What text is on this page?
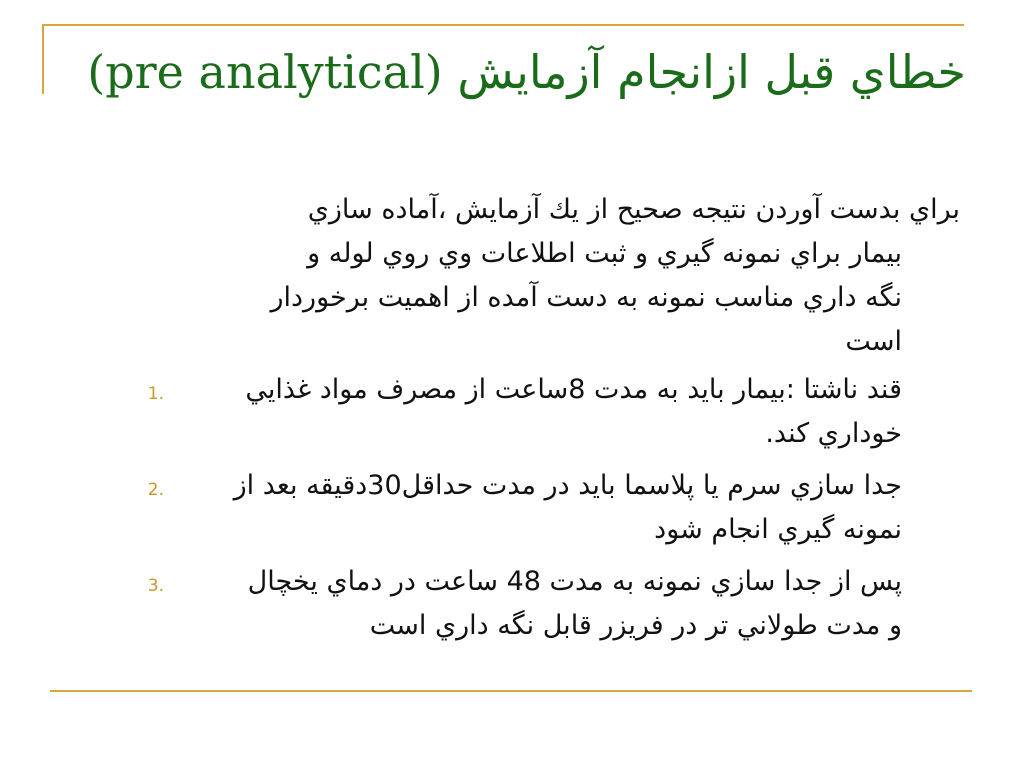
خطاي قبل ازانجام آزمايش (pre analytical)
براي بدست آوردن نتيجه صحيح از يك آزمايش ،آماده سازي
بيمار براي نمونه گيري و ثبت اطلاعات وي روي لوله و
نگه داري مناسب نمونه به دست آمده از اهميت برخوردار
است
1.	قند ناشتا :بيمار بايد به مدت 8ساعت از مصرف مواد غذايي
خوداري كند.
2.	جدا سازي سرم يا پلاسما بايد در مدت حداقل30دقيقه بعد از
نمونه گيري انجام شود
3.	پس از جدا سازي نمونه به مدت 48 ساعت در دماي يخچال
و مدت طولاني تر در فريزر قابل نگه داري است
